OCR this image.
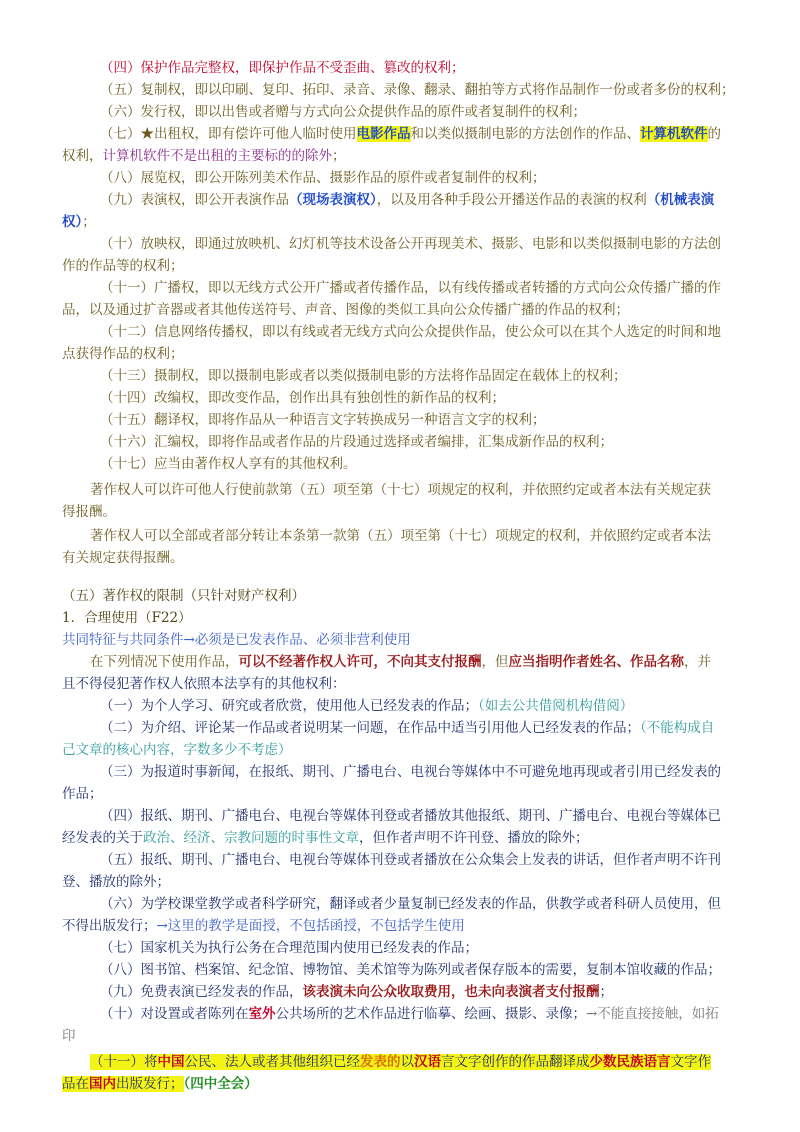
（四）保护作品完整权，即保护作品不受歪曲、篡改的权利；
（五）复制权，即以印刷、复印、拓印、录音、录像、翻录、翻拍等方式将作品制作一份或者多份的权利；
（六）发行权，即以出售或者赠与方式向公众提供作品的原件或者复制件的权利；
（七）★出租权，即有偿许可他人临时使用电影作品和以类似摄制电影的方法创作的作品、计算机软件的
权利，计算机软件不是出租的主要标的的除外；
（八）展览权，即公开陈列美术作品、摄影作品的原件或者复制件的权利；
（九）表演权，即公开表演作品（现场表演权），以及用各种手段公开播送作品的表演的权利（机械表演
权）；
（十）放映权，即通过放映机、幻灯机等技术设备公开再现美术、摄影、电影和以类似摄制电影的方法创
作的作品等的权利；
（十一）广播权，即以无线方式公开广播或者传播作品，以有线传播或者转播的方式向公众传播广播的作
品，以及通过扩音器或者其他传送符号、声音、图像的类似工具向公众传播广播的作品的权利；
（十二）信息网络传播权，即以有线或者无线方式向公众提供作品，使公众可以在其个人选定的时间和地
点获得作品的权利；
（十三）摄制权，即以摄制电影或者以类似摄制电影的方法将作品固定在载体上的权利；
（十四）改编权，即改变作品，创作出具有独创性的新作品的权利；
（十五）翻译权，即将作品从一种语言文字转换成另一种语言文字的权利；
（十六）汇编权，即将作品或者作品的片段通过选择或者编排，汇集成新作品的权利；
（十七）应当由著作权人享有的其他权利。
著作权人可以许可他人行使前款第（五）项至第（十七）项规定的权利，并依照约定或者本法有关规定获
得报酬。
著作权人可以全部或者部分转让本条第一款第（五）项至第（十七）项规定的权利，并依照约定或者本法
有关规定获得报酬。
（五）著作权的限制（只针对财产权利）
1．合理使用（F22）
共同特征与共同条件→必须是已发表作品、必须非营利使用
在下列情况下使用作品，可以不经著作权人许可，不向其支付报酬，但应当指明作者姓名、作品名称，并
且不得侵犯著作权人依照本法享有的其他权利：
（一）为个人学习、研究或者欣赏，使用他人已经发表的作品；（如去公共借阅机构借阅）
（二）为介绍、评论某一作品或者说明某一问题，在作品中适当引用他人已经发表的作品；（不能构成自
己文章的核心内容，字数多少不考虑）
（三）为报道时事新闻，在报纸、期刊、广播电台、电视台等媒体中不可避免地再现或者引用已经发表的
作品；
（四）报纸、期刊、广播电台、电视台等媒体刊登或者播放其他报纸、期刊、广播电台、电视台等媒体已
经发表的关于政治、经济、宗教问题的时事性文章，但作者声明不许刊登、播放的除外；
（五）报纸、期刊、广播电台、电视台等媒体刊登或者播放在公众集会上发表的讲话，但作者声明不许刊
登、播放的除外；
（六）为学校课堂教学或者科学研究，翻译或者少量复制已经发表的作品，供教学或者科研人员使用，但
不得出版发行；→这里的教学是面授，不包括函授，不包括学生使用
（七）国家机关为执行公务在合理范围内使用已经发表的作品；
（八）图书馆、档案馆、纪念馆、博物馆、美术馆等为陈列或者保存版本的需要，复制本馆收藏的作品；
（九）免费表演已经发表的作品，该表演未向公众收取费用，也未向表演者支付报酬；
（十）对设置或者陈列在室外公共场所的艺术作品进行临摹、绘画、摄影、录像；→不能直接接触，如拓
印
（十一）将中国公民、法人或者其他组织已经发表的以汉语言文字创作的作品翻译成少数民族语言文字作
品在国内出版发行；（四中全会）
